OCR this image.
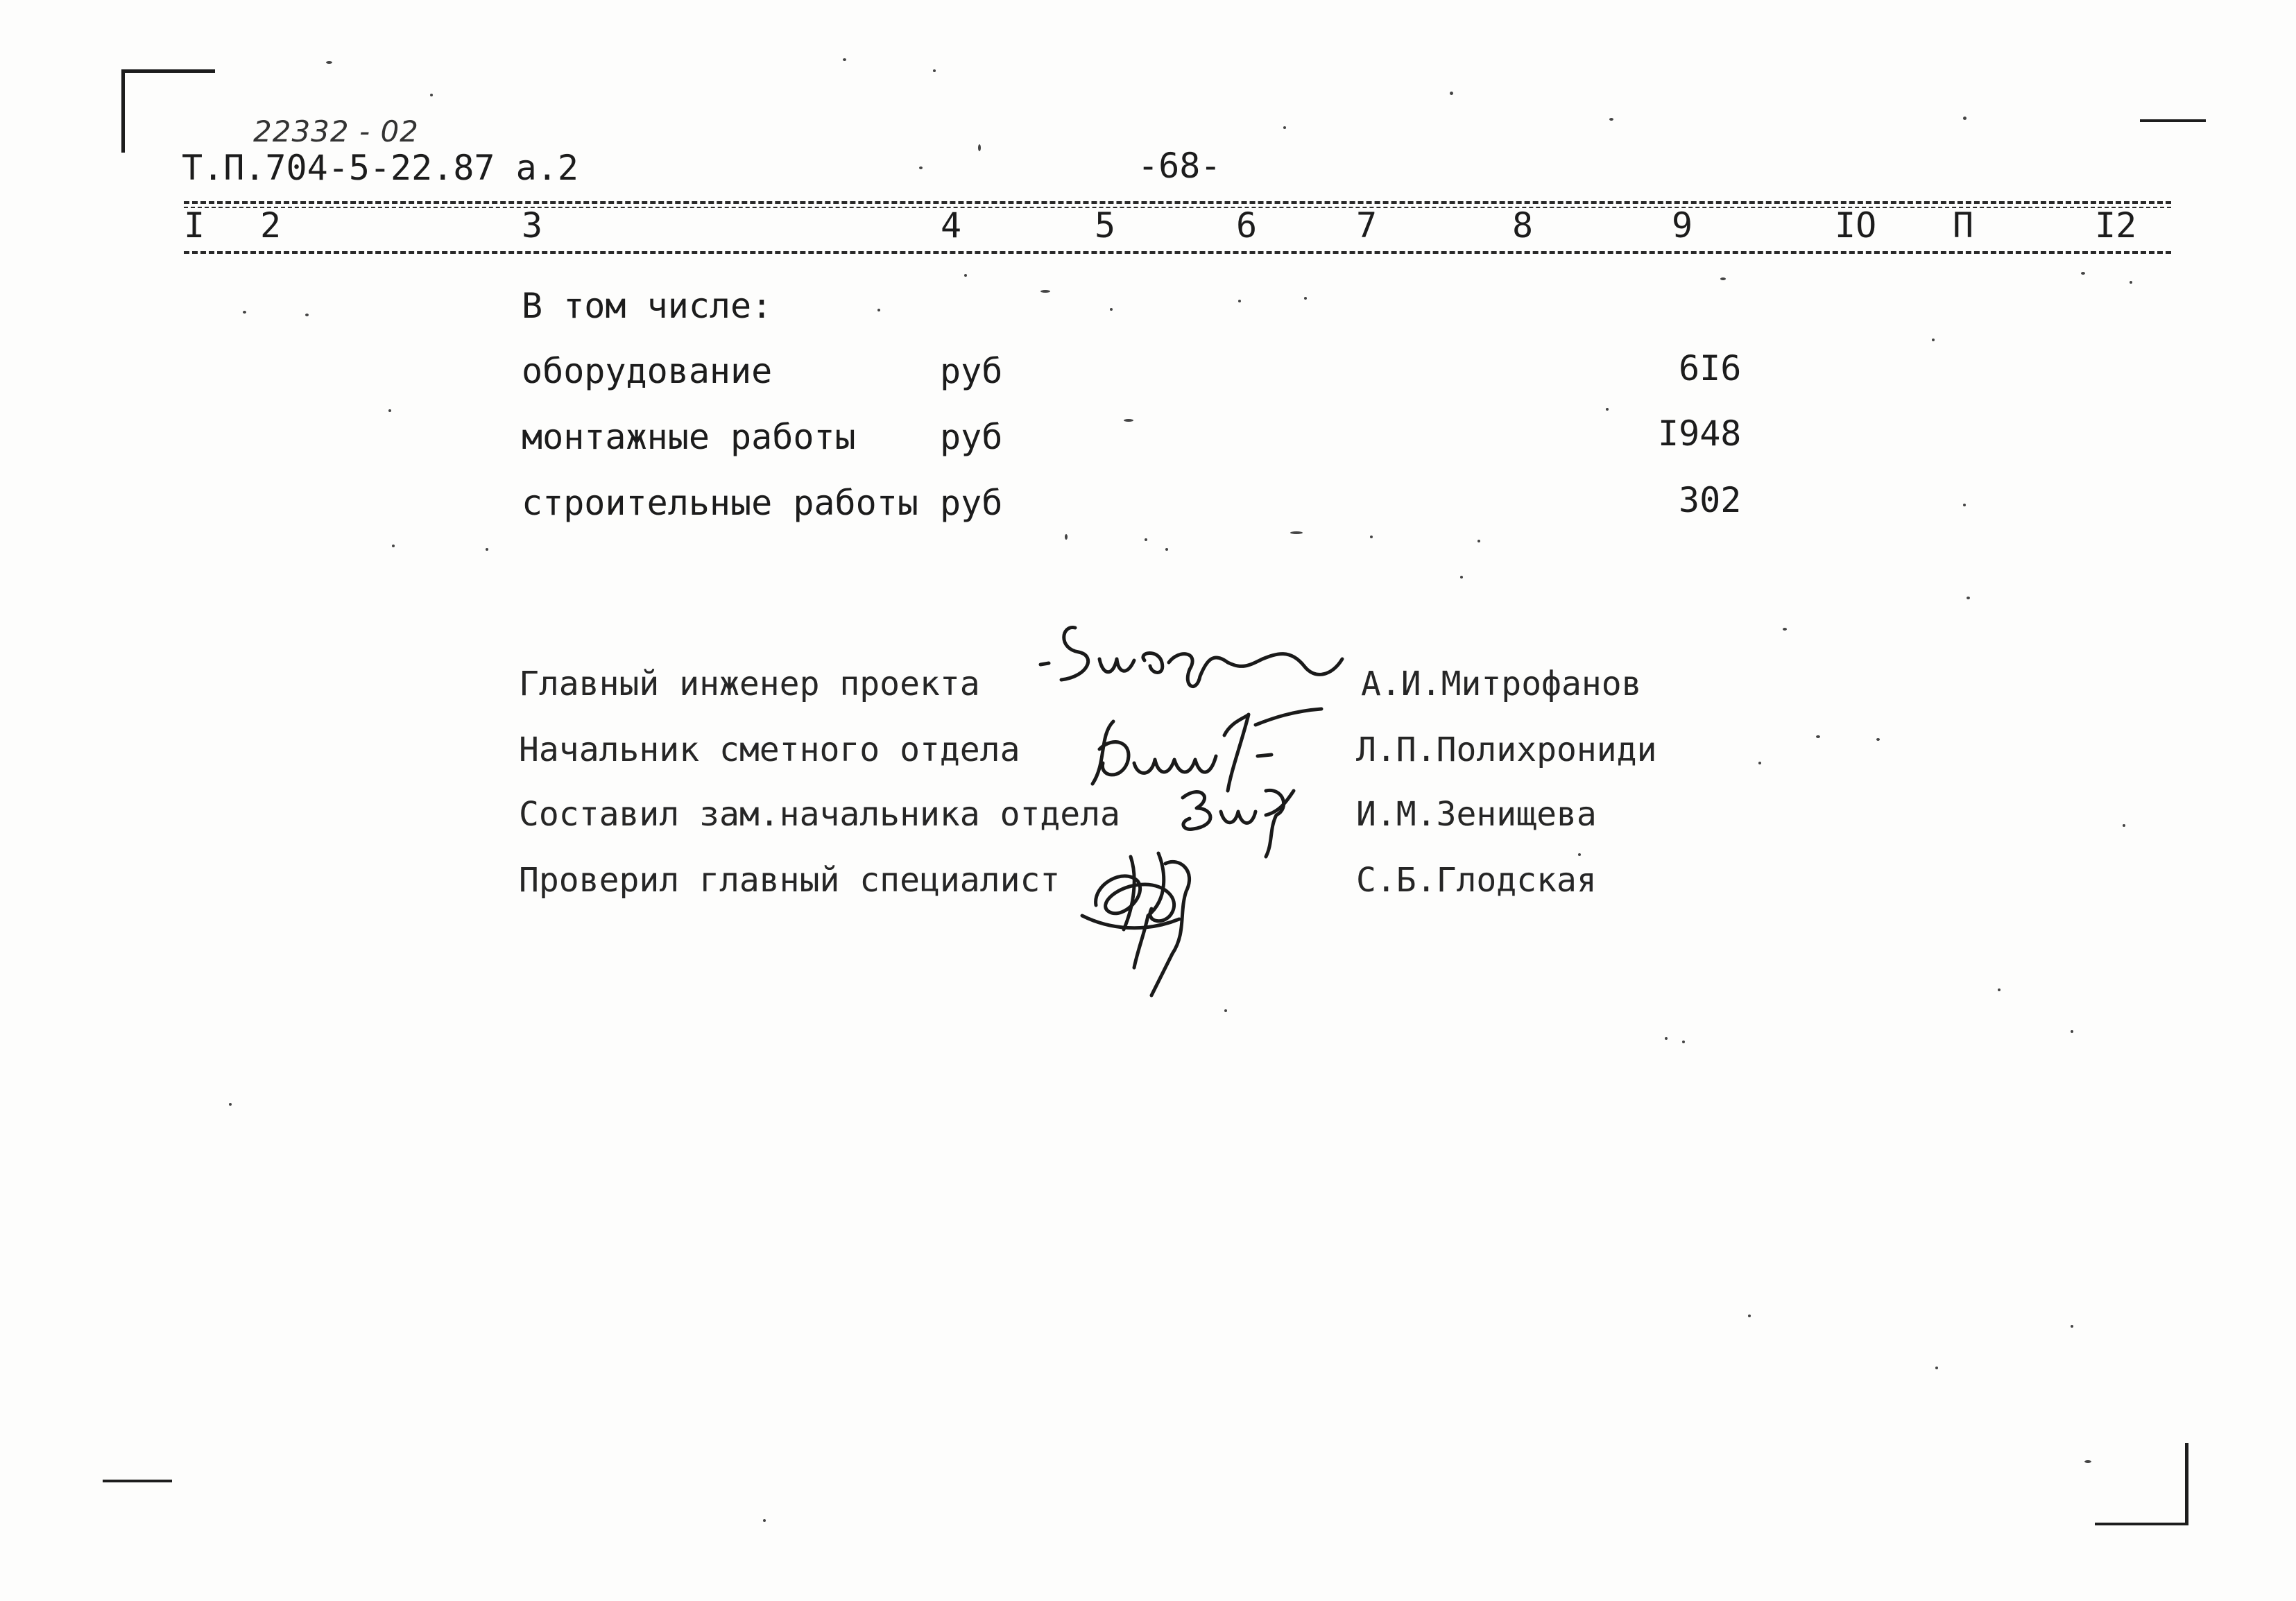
22332 - 02
Т.П.704-5-22.87 а.2	-68-
I 2	3	4	5	6	7	8	9	IO П	I2
В том числе:
оборудование	руб	6I6
монтажные работы руб	I948
строительные работы руб	302
Главный инженер проекта	А.И.Митрофанов
Начальник сметного отдела	Л.П.Полихрониди
Составил зам.начальника отдела	И.М.Зенищева
Проверил главный специалист	С.Б.Глодская
